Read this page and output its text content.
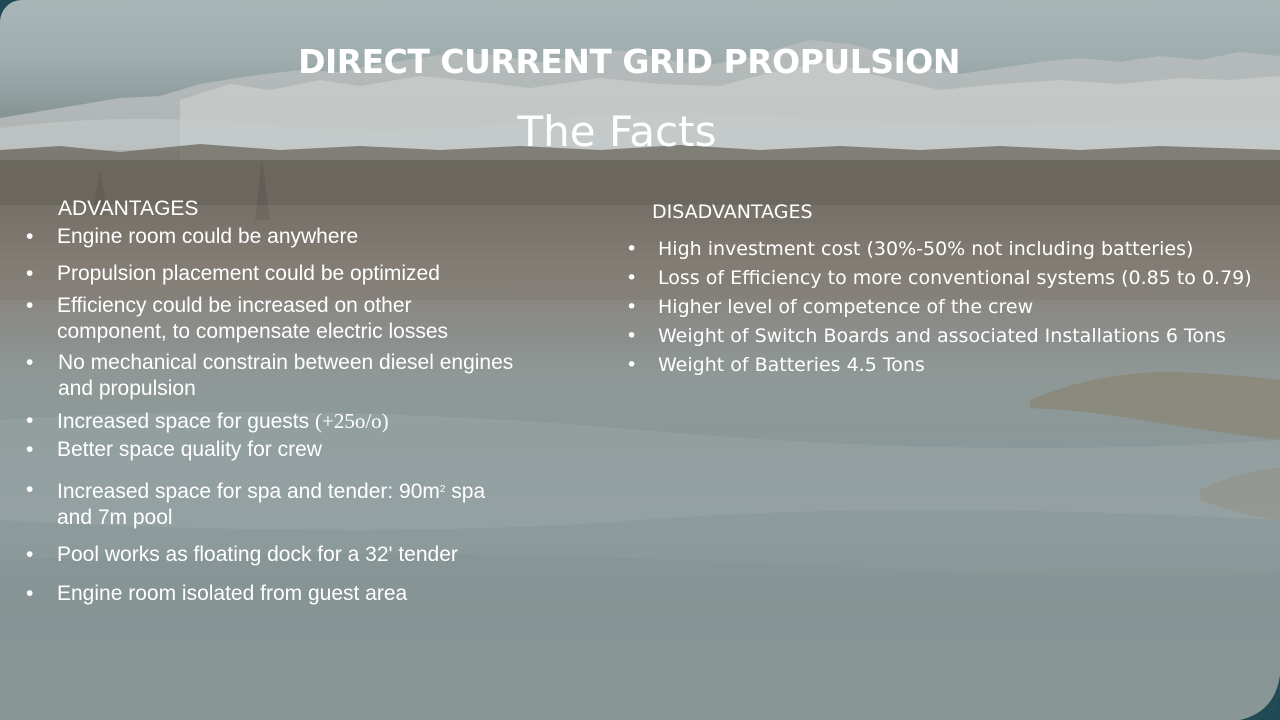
DIRECT CURRENT GRID PROPULSION
The Facts
ADVANTAGES
• Engine room could be anywhere
• Propulsion placement could be optimized
• Efficiency could be increased on other
component, to compensate electric losses
• No mechanical constrain between diesel engines
and propulsion
• Increased space for guests (+25o/o)
• Better space quality for crew
• Increased space for spa and tender: $90m^2$ spa
and 7m pool
• Pool works as floating dock for a 32' tender
• Engine room isolated from guest area
DISADVANTAGES
• High investment cost (30%-50% not including batteries)
• Loss of Efficiency to more conventional systems (0.85 to 0.79)
• Higher level of competence of the crew
• Weight of Switch Boards and associated Installations 6 Tons
• Weight of Batteries 4.5 Tons
